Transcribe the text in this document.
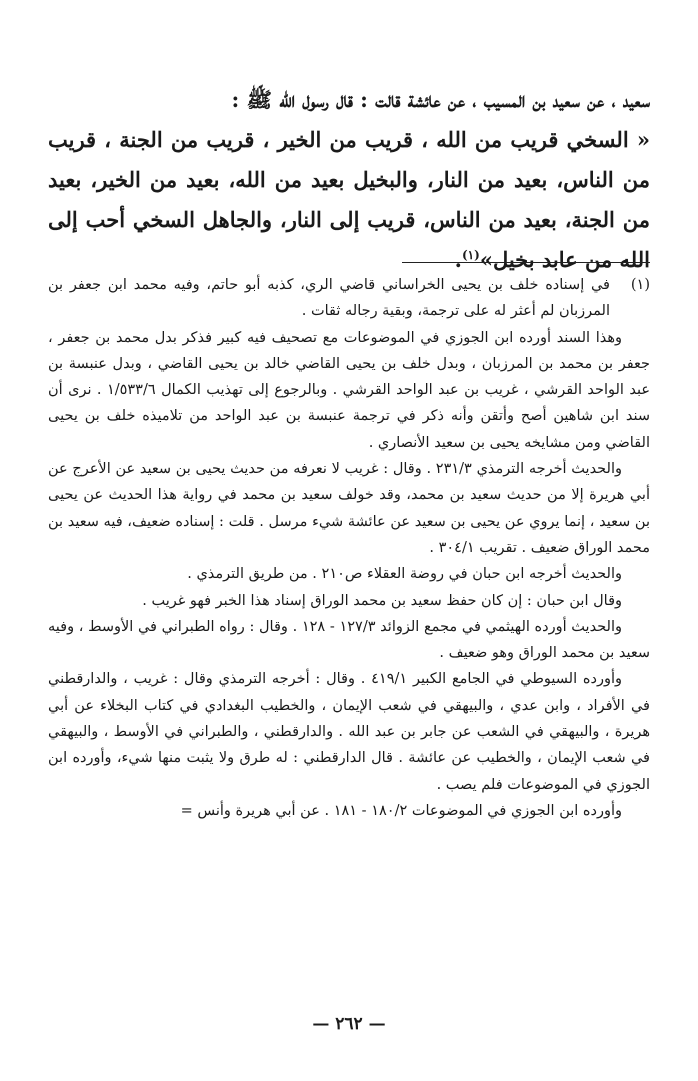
سعيد ، عن سعيد بن المسيب ، عن عائشة قالت : قال رسول الله ﷺ :

« السخي قريب من الله ، قريب من الخير ، قريب من الجنة ، قريب من الناس، بعيد من النار، والبخيل بعيد من الله، بعيد من الخير، بعيد من الجنة، بعيد من الناس، قريب إلى النار، والجاهل السخي أحب إلى الله من عابد بخيل»$^{(١)}$.

(١)

في إسناده خلف بن يحيى الخراساني قاضي الري، كذبه أبو حاتم، وفيه محمد ابن جعفر بن المرزبان لم أعثر له على ترجمة، وبقية رجاله ثقات .

وهذا السند أورده ابن الجوزي في الموضوعات مع تصحيف فيه كبير فذكر بدل محمد بن جعفر ، جعفر بن محمد بن المرزبان ، وبدل خلف بن يحيى القاضي خالد بن يحيى القاضي ، وبدل عنبسة بن عبد الواحد القرشي ، غريب بن عبد الواحد القرشي . وبالرجوع إلى تهذيب الكمال ١/٥٣٣/٦ . نرى أن سند ابن شاهين أصح وأتقن وأنه ذكر في ترجمة عنبسة بن عبد الواحد من تلاميذه خلف بن يحيى القاضي ومن مشايخه يحيى بن سعيد الأنصاري .

والحديث أخرجه الترمذي ٢٣١/٣ . وقال : غريب لا نعرفه من حديث يحيى بن سعيد عن الأعرج عن أبي هريرة إلا من حديث سعيد بن محمد، وقد خولف سعيد بن محمد في رواية هذا الحديث عن يحيى بن سعيد ، إنما يروي عن يحيى بن سعيد عن عائشة شيء مرسل . قلت : إسناده ضعيف، فيه سعيد بن محمد الوراق ضعيف . تقريب ٣٠٤/١ .

والحديث أخرجه ابن حبان في روضة العقلاء ص٢١٠ . من طريق الترمذي .

وقال ابن حبان : إن كان حفظ سعيد بن محمد الوراق إسناد هذا الخبر فهو غريب .

والحديث أورده الهيثمي في مجمع الزوائد ١٢٧/٣ - ١٢٨ . وقال : رواه الطبراني في الأوسط ، وفيه سعيد بن محمد الوراق وهو ضعيف .

وأورده السيوطي في الجامع الكبير ٤١٩/١ . وقال : أخرجه الترمذي وقال : غريب ، والدارقطني في الأفراد ، وابن عدي ، والبيهقي في شعب الإيمان ، والخطيب البغدادي في كتاب البخلاء عن أبي هريرة ، والبيهقي في الشعب عن جابر بن عبد الله . والدارقطني ، والطبراني في الأوسط ، والبيهقي في شعب الإيمان ، والخطيب عن عائشة . قال الدارقطني : له طرق ولا يثبت منها شيء، وأورده ابن الجوزي في الموضوعات فلم يصب .

وأورده ابن الجوزي في الموضوعات ١٨٠/٢ - ١٨١ . عن أبي هريرة وأنس =

— ٢٦٢ —
